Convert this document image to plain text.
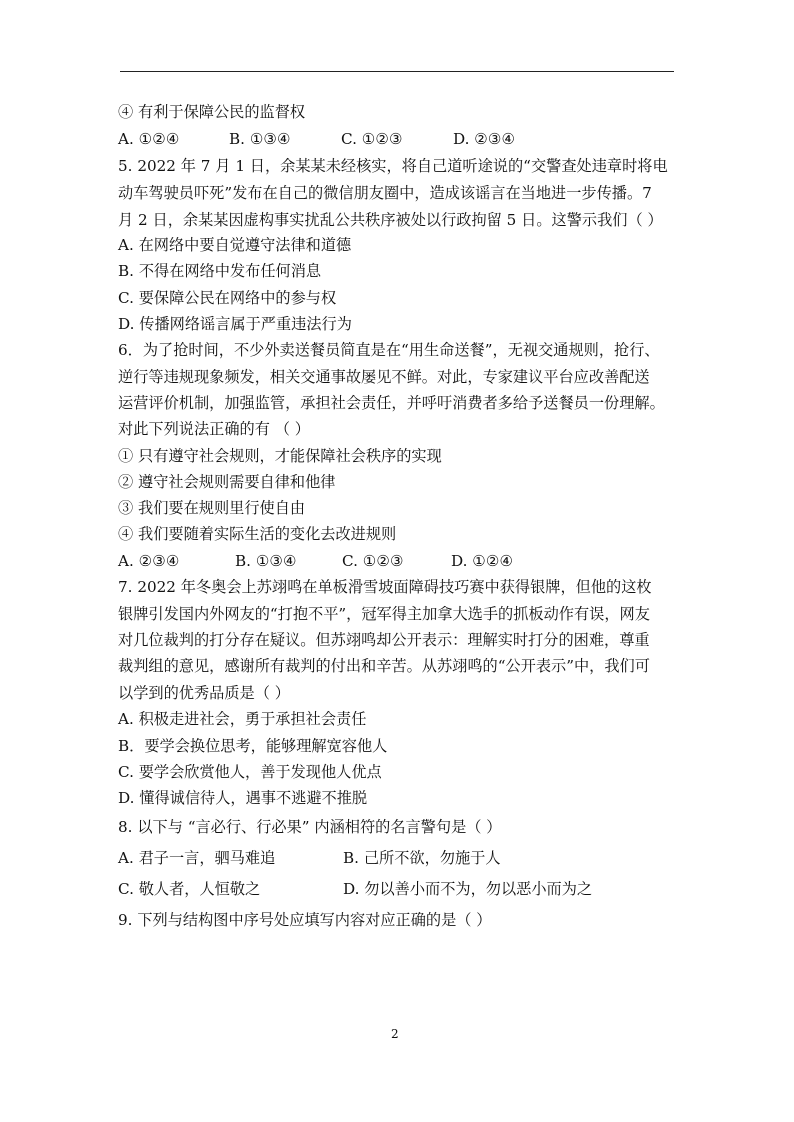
④ 有利于保障公民的监督权
A. ①②④	B. ①③④	C. ①②③	D. ②③④
5. 2022 年 7 月 1 日，余某某未经核实，将自己道听途说的“交警查处违章时将电
动车驾驶员吓死”发布在自己的微信朋友圈中，造成该谣言在当地进一步传播。7
月 2 日，余某某因虚构事实扰乱公共秩序被处以行政拘留 5 日。这警示我们（ ）
A. 在网络中要自觉遵守法律和道德
B. 不得在网络中发布任何消息
C. 要保障公民在网络中的参与权
D. 传播网络谣言属于严重违法行为
6．为了抢时间，不少外卖送餐员简直是在“用生命送餐”，无视交通规则，抢行、
逆行等违规现象频发，相关交通事故屡见不鲜。对此，专家建议平台应改善配送
运营评价机制，加强监管，承担社会责任，并呼吁消费者多给予送餐员一份理解。
对此下列说法正确的有 （ ）
① 只有遵守社会规则，才能保障社会秩序的实现
② 遵守社会规则需要自律和他律
③ 我们要在规则里行使自由
④ 我们要随着实际生活的变化去改进规则
A. ②③④	B. ①③④	C. ①②③	D. ①②④
7. 2022 年冬奥会上苏翊鸣在单板滑雪坡面障碍技巧赛中获得银牌，但他的这枚
银牌引发国内外网友的“打抱不平”，冠军得主加拿大选手的抓板动作有误，网友
对几位裁判的打分存在疑议。但苏翊鸣却公开表示：理解实时打分的困难，尊重
裁判组的意见，感谢所有裁判的付出和辛苦。从苏翊鸣的“公开表示”中，我们可
以学到的优秀品质是（ ）
A. 积极走进社会，勇于承担社会责任
B．要学会换位思考，能够理解宽容他人
C. 要学会欣赏他人，善于发现他人优点
D. 懂得诚信待人，遇事不逃避不推脱
8. 以下与 “言必行、行必果” 内涵相符的名言警句是（ ）
A. 君子一言，驷马难追	B. 己所不欲，勿施于人
C. 敬人者，人恒敬之	D. 勿以善小而不为，勿以恶小而为之
9. 下列与结构图中序号处应填写内容对应正确的是（ ）
2
